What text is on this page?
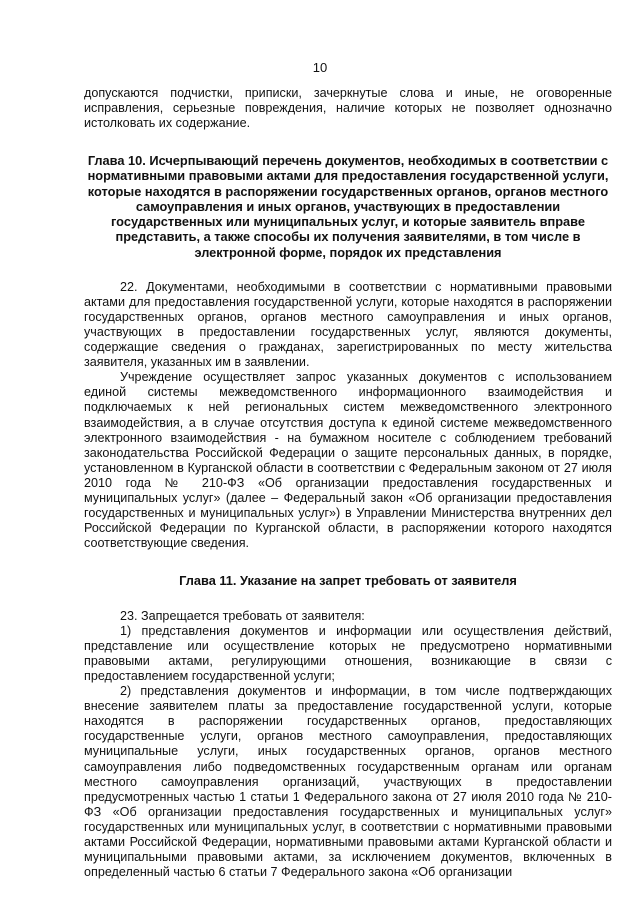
10

допускаются подчистки, приписки, зачеркнутые слова и иные, не оговоренные исправления, серьезные повреждения, наличие которых не позволяет однозначно истолковать их содержание.

Глава 10. Исчерпывающий перечень документов, необходимых в соответствии с нормативными правовыми актами для предоставления государственной услуги, которые находятся в распоряжении государственных органов, органов местного самоуправления и иных органов, участвующих в предоставлении государственных или муниципальных услуг, и которые заявитель вправе представить, а также способы их получения заявителями, в том числе в электронной форме, порядок их представления

22. Документами, необходимыми в соответствии с нормативными правовыми актами для предоставления государственной услуги, которые находятся в распоряжении государственных органов, органов местного самоуправления и иных органов, участвующих в предоставлении государственных услуг, являются документы, содержащие сведения о гражданах, зарегистрированных по месту жительства заявителя, указанных им в заявлении.

Учреждение осуществляет запрос указанных документов с использованием единой системы межведомственного информационного взаимодействия и подключаемых к ней региональных систем межведомственного электронного взаимодействия, а в случае отсутствия доступа к единой системе межведомственного электронного взаимодействия - на бумажном носителе с соблюдением требований законодательства Российской Федерации о защите персональных данных, в порядке, установленном в Курганской области в соответствии с Федеральным законом от 27 июля 2010 года № 210-ФЗ «Об организации предоставления государственных и муниципальных услуг» (далее – Федеральный закон «Об организации предоставления государственных и муниципальных услуг») в Управлении Министерства внутренних дел Российской Федерации по Курганской области, в распоряжении которого находятся соответствующие сведения.

Глава 11. Указание на запрет требовать от заявителя

23. Запрещается требовать от заявителя:

1) представления документов и информации или осуществления действий, представление или осуществление которых не предусмотрено нормативными правовыми актами, регулирующими отношения, возникающие в связи с предоставлением государственной услуги;

2) представления документов и информации, в том числе подтверждающих внесение заявителем платы за предоставление государственной услуги, которые находятся в распоряжении государственных органов, предоставляющих государственные услуги, органов местного самоуправления, предоставляющих муниципальные услуги, иных государственных органов, органов местного самоуправления либо подведомственных государственным органам или органам местного самоуправления организаций, участвующих в предоставлении предусмотренных частью 1 статьи 1 Федерального закона от 27 июля 2010 года № 210-ФЗ «Об организации предоставления государственных и муниципальных услуг» государственных или муниципальных услуг, в соответствии с нормативными правовыми актами Российской Федерации, нормативными правовыми актами Курганской области и муниципальными правовыми актами, за исключением документов, включенных в определенный частью 6 статьи 7 Федерального закона «Об организации
